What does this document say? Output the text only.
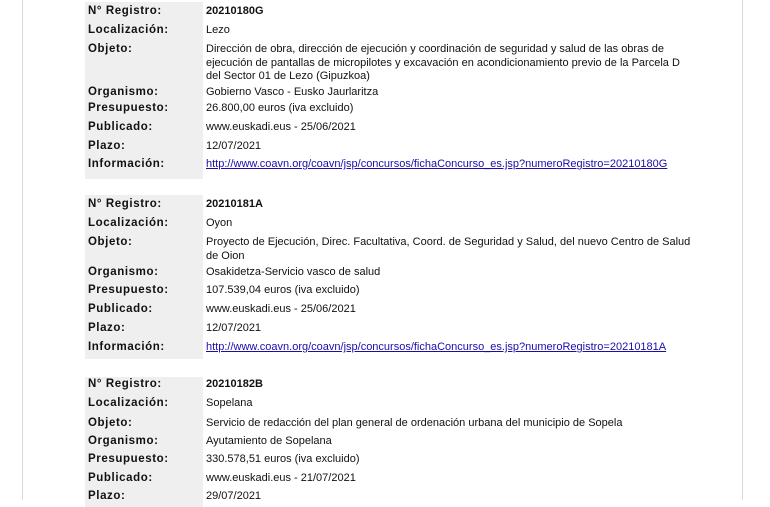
N° Registro:	20210180G
Localización:	Lezo
Objeto:	Dirección de obra, dirección de ejecución y coordinación de seguridad y salud de las obras de ejecución de pantallas de micropilotes y excavación en acondicionamiento previo de la Parcela D del Sector 01 de Lezo (Gipuzkoa)
Organismo:	Gobierno Vasco - Eusko Jaurlaritza
Presupuesto:	26.800,00 euros (iva excluido)
Publicado:	www.euskadi.eus - 25/06/2021
Plazo:	12/07/2021
Información:	http://www.coavn.org/coavn/jsp/concursos/fichaConcurso_es.jsp?numeroRegistro=20210180G
N° Registro:	20210181A
Localización:	Oyon
Objeto:	Proyecto de Ejecución, Direc. Facultativa, Coord. de Seguridad y Salud, del nuevo Centro de Salud de Oion
Organismo:	Osakidetza-Servicio vasco de salud
Presupuesto:	107.539,04 euros (iva excluido)
Publicado:	www.euskadi.eus - 25/06/2021
Plazo:	12/07/2021
Información:	http://www.coavn.org/coavn/jsp/concursos/fichaConcurso_es.jsp?numeroRegistro=20210181A
N° Registro:	20210182B
Localización:	Sopelana
Objeto:	Servicio de redacción del plan general de ordenación urbana del municipio de Sopela
Organismo:	Ayutamiento de Sopelana
Presupuesto:	330.578,51 euros (iva excluido)
Publicado:	www.euskadi.eus - 21/07/2021
Plazo:	29/07/2021
